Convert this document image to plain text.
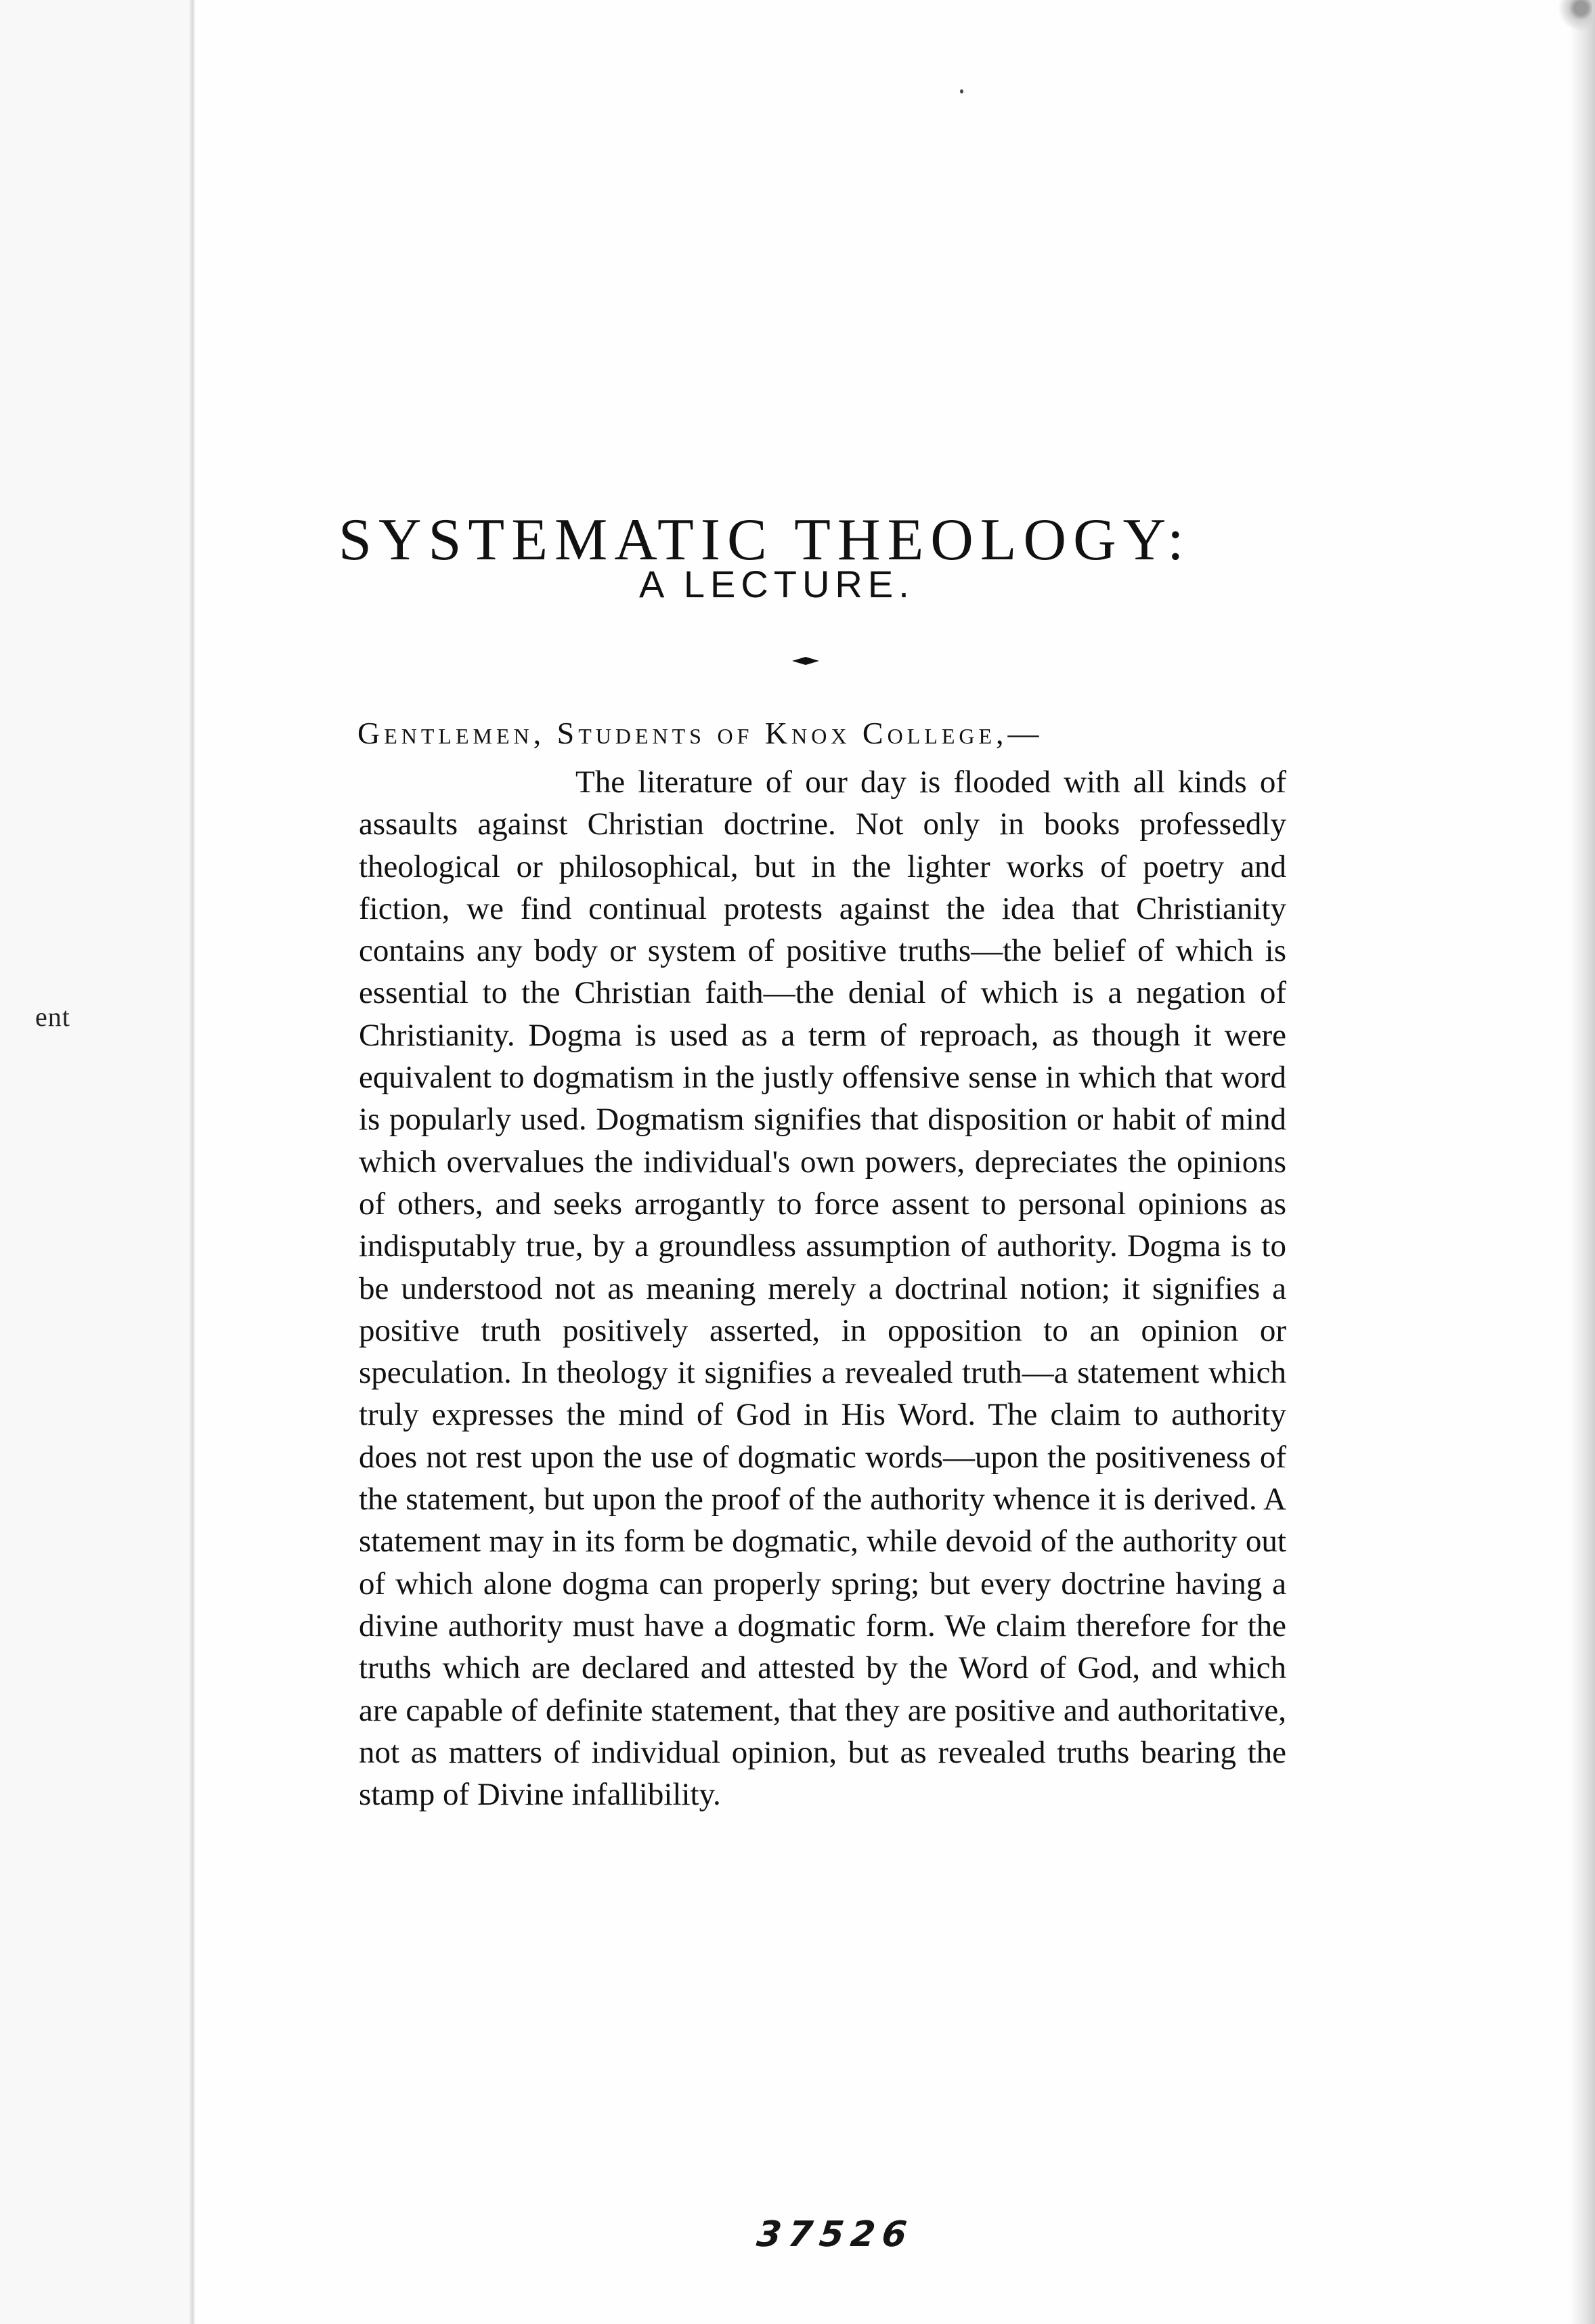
ent
SYSTEMATIC THEOLOGY:
A LECTURE.
Gentlemen, Students of Knox College,—

The literature of our day is flooded with all kinds of assaults against Christian doctrine. Not only in books professedly theological or philosophical, but in the lighter works of poetry and fiction, we find continual protests against the idea that Christianity contains any body or system of positive truths—the belief of which is essential to the Christian faith—the denial of which is a negation of Christianity. Dogma is used as a term of reproach, as though it were equivalent to dogmatism in the justly offensive sense in which that word is popularly used. Dogmatism signifies that disposition or habit of mind which overvalues the individual's own powers, depreciates the opinions of others, and seeks arrogantly to force assent to personal opinions as indisputably true, by a groundless assumption of authority. Dogma is to be understood not as meaning merely a doctrinal notion; it signifies a positive truth positively asserted, in opposition to an opinion or speculation. In theology it signifies a revealed truth—a statement which truly expresses the mind of God in His Word. The claim to authority does not rest upon the use of dogmatic words—upon the positiveness of the statement, but upon the proof of the authority whence it is derived. A statement may in its form be dogmatic, while devoid of the authority out of which alone dogma can properly spring; but every doctrine having a divine authority must have a dogmatic form. We claim therefore for the truths which are declared and attested by the Word of God, and which are capable of definite statement, that they are positive and authoritative, not as matters of individual opinion, but as revealed truths bearing the stamp of Divine infallibility.

37526
